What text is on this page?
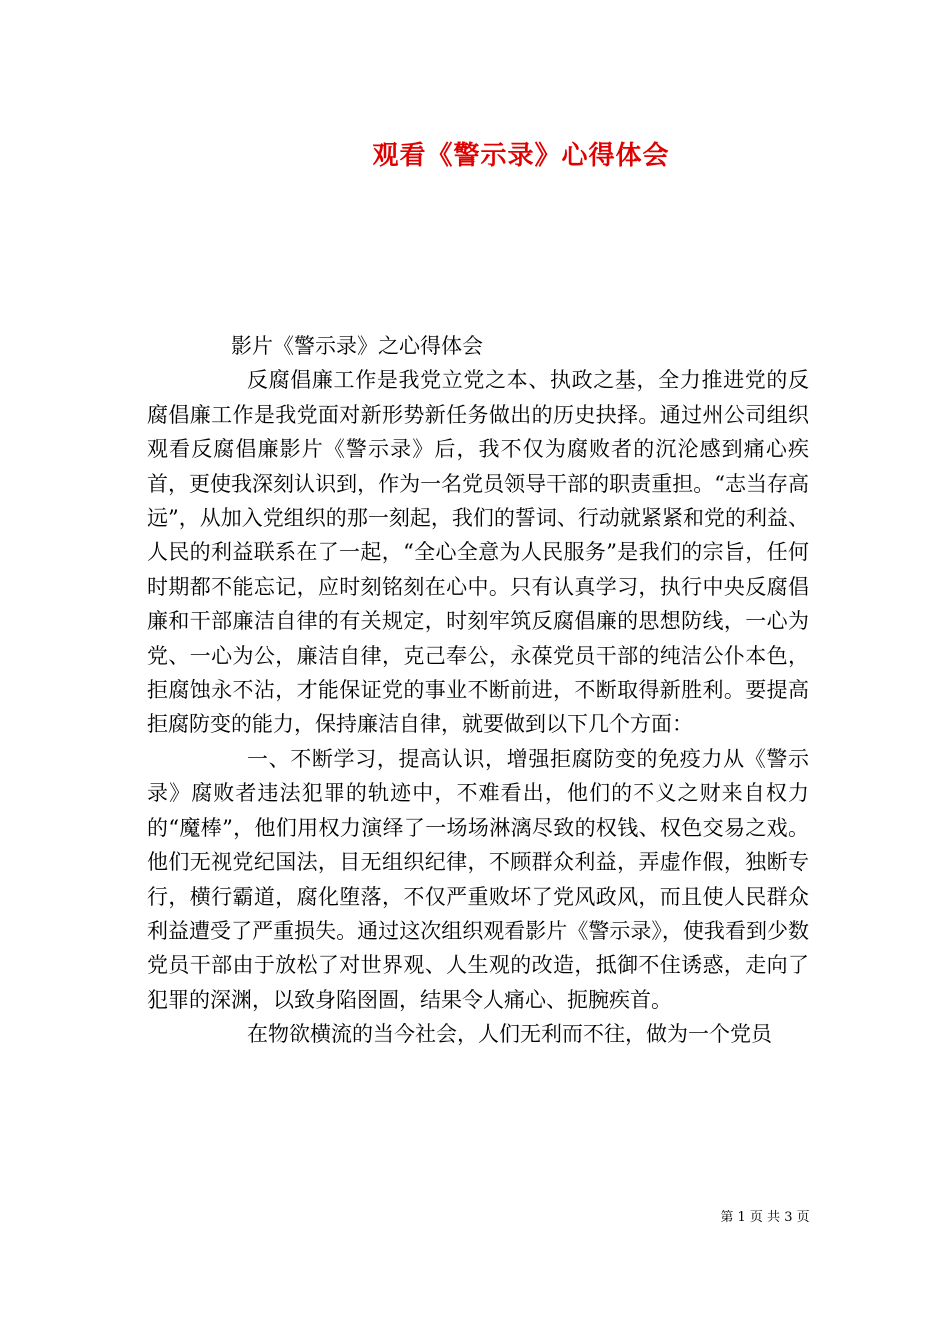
观看《警示录》心得体会

影片《警示录》之心得体会

反腐倡廉工作是我党立党之本、执政之基，全力推进党的反腐倡廉工作是我党面对新形势新任务做出的历史抉择。通过州公司组织观看反腐倡廉影片《警示录》后，我不仅为腐败者的沉沦感到痛心疾首，更使我深刻认识到，作为一名党员领导干部的职责重担。“志当存高远”，从加入党组织的那一刻起，我们的誓词、行动就紧紧和党的利益、人民的利益联系在了一起，“全心全意为人民服务”是我们的宗旨，任何时期都不能忘记，应时刻铭刻在心中。只有认真学习，执行中央反腐倡廉和干部廉洁自律的有关规定，时刻牢筑反腐倡廉的思想防线，一心为党、一心为公，廉洁自律，克己奉公，永葆党员干部的纯洁公仆本色，拒腐蚀永不沾，才能保证党的事业不断前进，不断取得新胜利。要提高拒腐防变的能力，保持廉洁自律，就要做到以下几个方面：

一、不断学习，提高认识，增强拒腐防变的免疫力从《警示录》腐败者违法犯罪的轨迹中，不难看出，他们的不义之财来自权力的“魔棒”，他们用权力演绎了一场场淋漓尽致的权钱、权色交易之戏。他们无视党纪国法，目无组织纪律，不顾群众利益，弄虚作假，独断专行，横行霸道，腐化堕落，不仅严重败坏了党风政风，而且使人民群众利益遭受了严重损失。通过这次组织观看影片《警示录》，使我看到少数党员干部由于放松了对世界观、人生观的改造，抵御不住诱惑，走向了犯罪的深渊，以致身陷囹圄，结果令人痛心、扼腕疾首。

在物欲横流的当今社会，人们无利而不往，做为一个党员

第 1 页 共 3 页
